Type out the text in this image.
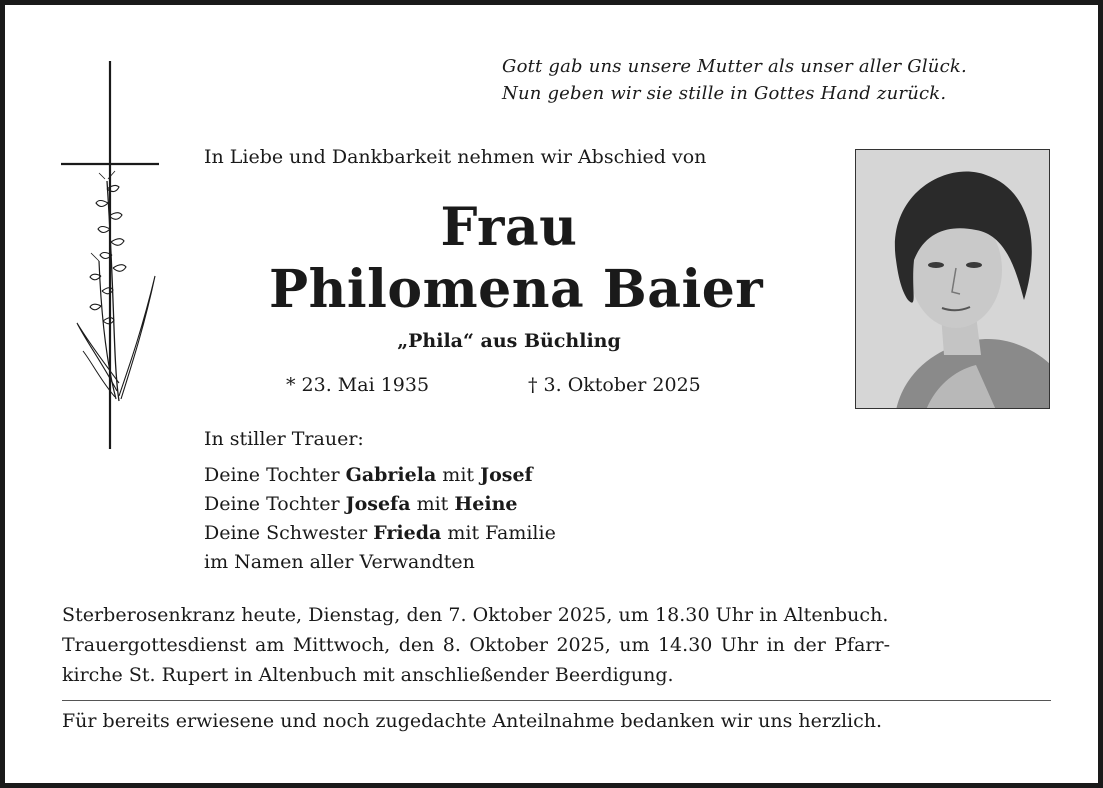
Gott gab uns unsere Mutter als unser aller Glück.
Nun geben wir sie stille in Gottes Hand zurück.
In Liebe und Dankbarkeit nehmen wir Abschied von
Frau
Philomena Baier
„Phila“ aus Büchling
* 23. Mai 1935	† 3. Oktober 2025
In stiller Trauer:
Deine Tochter Gabriela mit Josef
Deine Tochter Josefa mit Heine
Deine Schwester Frieda mit Familie
im Namen aller Verwandten
Sterberosenkranz heute, Dienstag, den 7. Oktober 2025, um 18.30 Uhr in Altenbuch.
Trauergottesdienst am Mittwoch, den 8. Oktober 2025, um 14.30 Uhr in der Pfarr-
kirche St. Rupert in Altenbuch mit anschließender Beerdigung.
Für bereits erwiesene und noch zugedachte Anteilnahme bedanken wir uns herzlich.
